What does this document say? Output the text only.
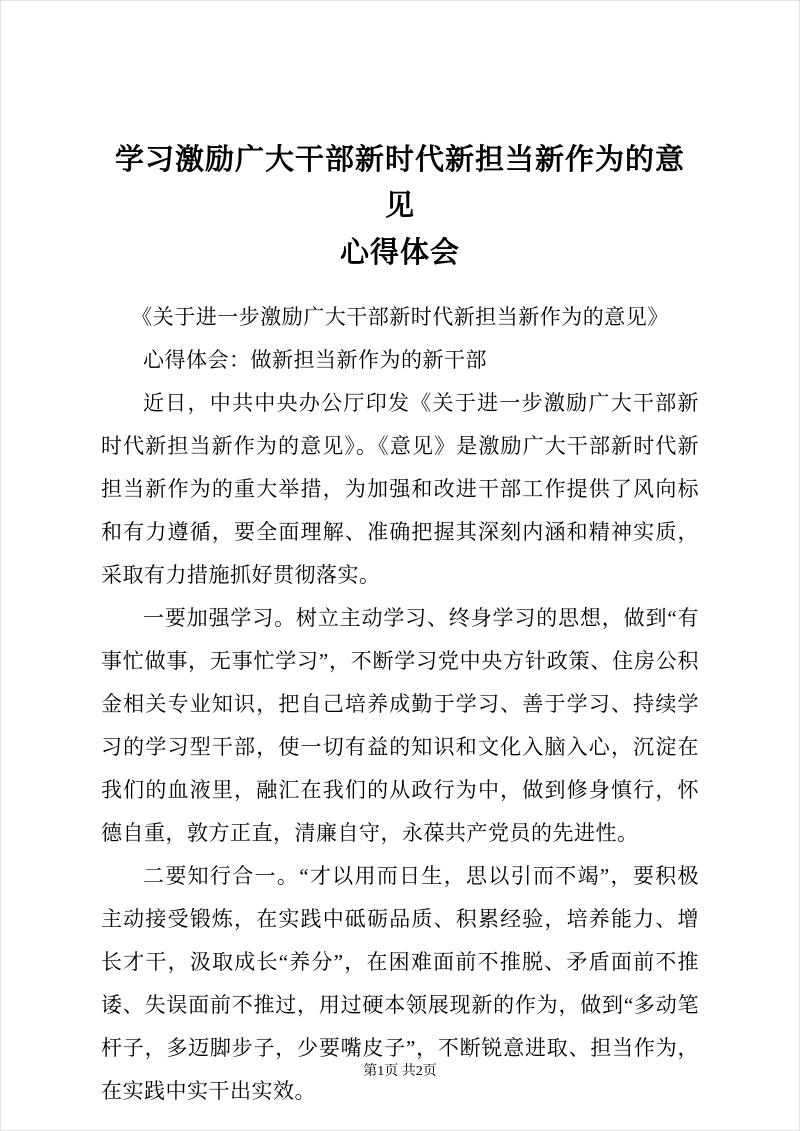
学习激励广大干部新时代新担当新作为的意见
心得体会

《关于进一步激励广大干部新时代新担当新作为的意见》

心得体会：做新担当新作为的新干部

近日，中共中央办公厅印发《关于进一步激励广大干部新时代新担当新作为的意见》。《意见》是激励广大干部新时代新担当新作为的重大举措，为加强和改进干部工作提供了风向标和有力遵循，要全面理解、准确把握其深刻内涵和精神实质，采取有力措施抓好贯彻落实。

一要加强学习。树立主动学习、终身学习的思想，做到“有事忙做事，无事忙学习”，不断学习党中央方针政策、住房公积金相关专业知识，把自己培养成勤于学习、善于学习、持续学习的学习型干部，使一切有益的知识和文化入脑入心，沉淀在我们的血液里，融汇在我们的从政行为中，做到修身慎行，怀德自重，敦方正直，清廉自守，永葆共产党员的先进性。

二要知行合一。“才以用而日生，思以引而不竭”，要积极主动接受锻炼，在实践中砥砺品质、积累经验，培养能力、增长才干，汲取成长“养分”，在困难面前不推脱、矛盾面前不推诿、失误面前不推过，用过硬本领展现新的作为，做到“多动笔杆子，多迈脚步子，少要嘴皮子”，不断锐意进取、担当作为，在实践中实干出实效。

第1页 共2页
